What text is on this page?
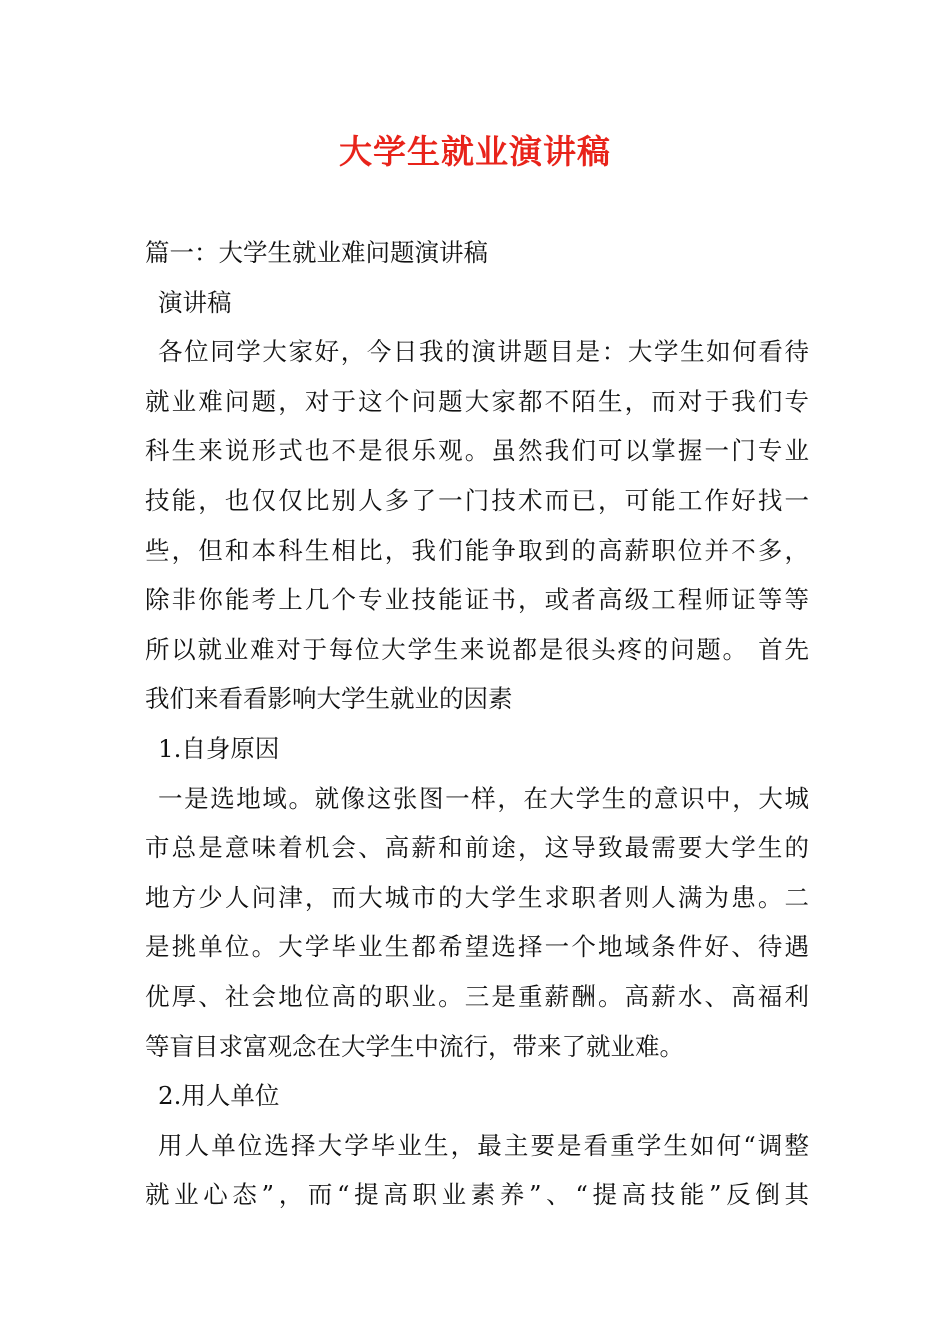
大学生就业演讲稿
篇一：大学生就业难问题演讲稿
演讲稿
各位同学大家好，今日我的演讲题目是：大学生如何看待
就业难问题，对于这个问题大家都不陌生，而对于我们专
科生来说形式也不是很乐观。虽然我们可以掌握一门专业
技能，也仅仅比别人多了一门技术而已，可能工作好找一
些，但和本科生相比，我们能争取到的高薪职位并不多，
除非你能考上几个专业技能证书，或者高级工程师证等等
所以就业难对于每位大学生来说都是很头疼的问题。 首先
我们来看看影响大学生就业的因素
1.自身原因
一是选地域。就像这张图一样，在大学生的意识中，大城
市总是意味着机会、高薪和前途，这导致最需要大学生的
地方少人问津，而大城市的大学生求职者则人满为患。二
是挑单位。大学毕业生都希望选择一个地域条件好、待遇
优厚、社会地位高的职业。三是重薪酬。高薪水、高福利
等盲目求富观念在大学生中流行，带来了就业难。
2.用人单位
用人单位选择大学毕业生，最主要是看重学生如何“调整
就业心态”，而“提高职业素养”、“提高技能”反倒其
